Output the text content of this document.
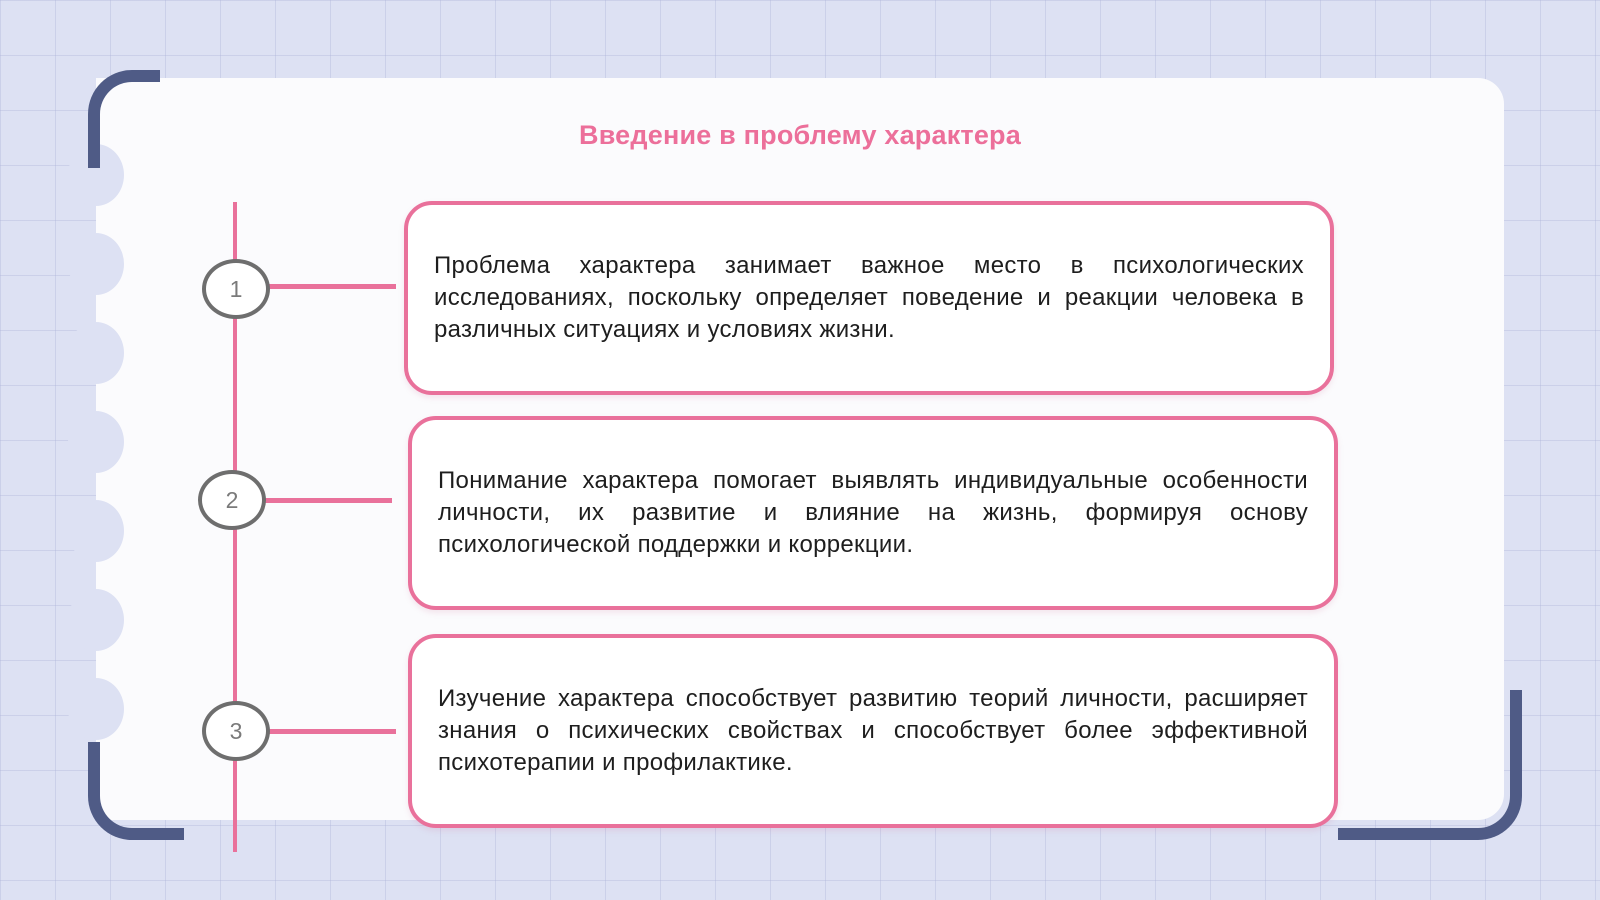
Введение в проблему характера
1
2
3

Проблема характера занимает важное место в психологических исследованиях, поскольку определяет поведение и реакции человека в различных ситуациях и условиях жизни.

Понимание характера помогает выявлять индивидуальные особенности личности, их развитие и влияние на жизнь, формируя основу психологической поддержки и коррекции.

Изучение характера способствует развитию теорий личности, расширяет знания о психических свойствах и способствует более эффективной психотерапии и профилактике.
